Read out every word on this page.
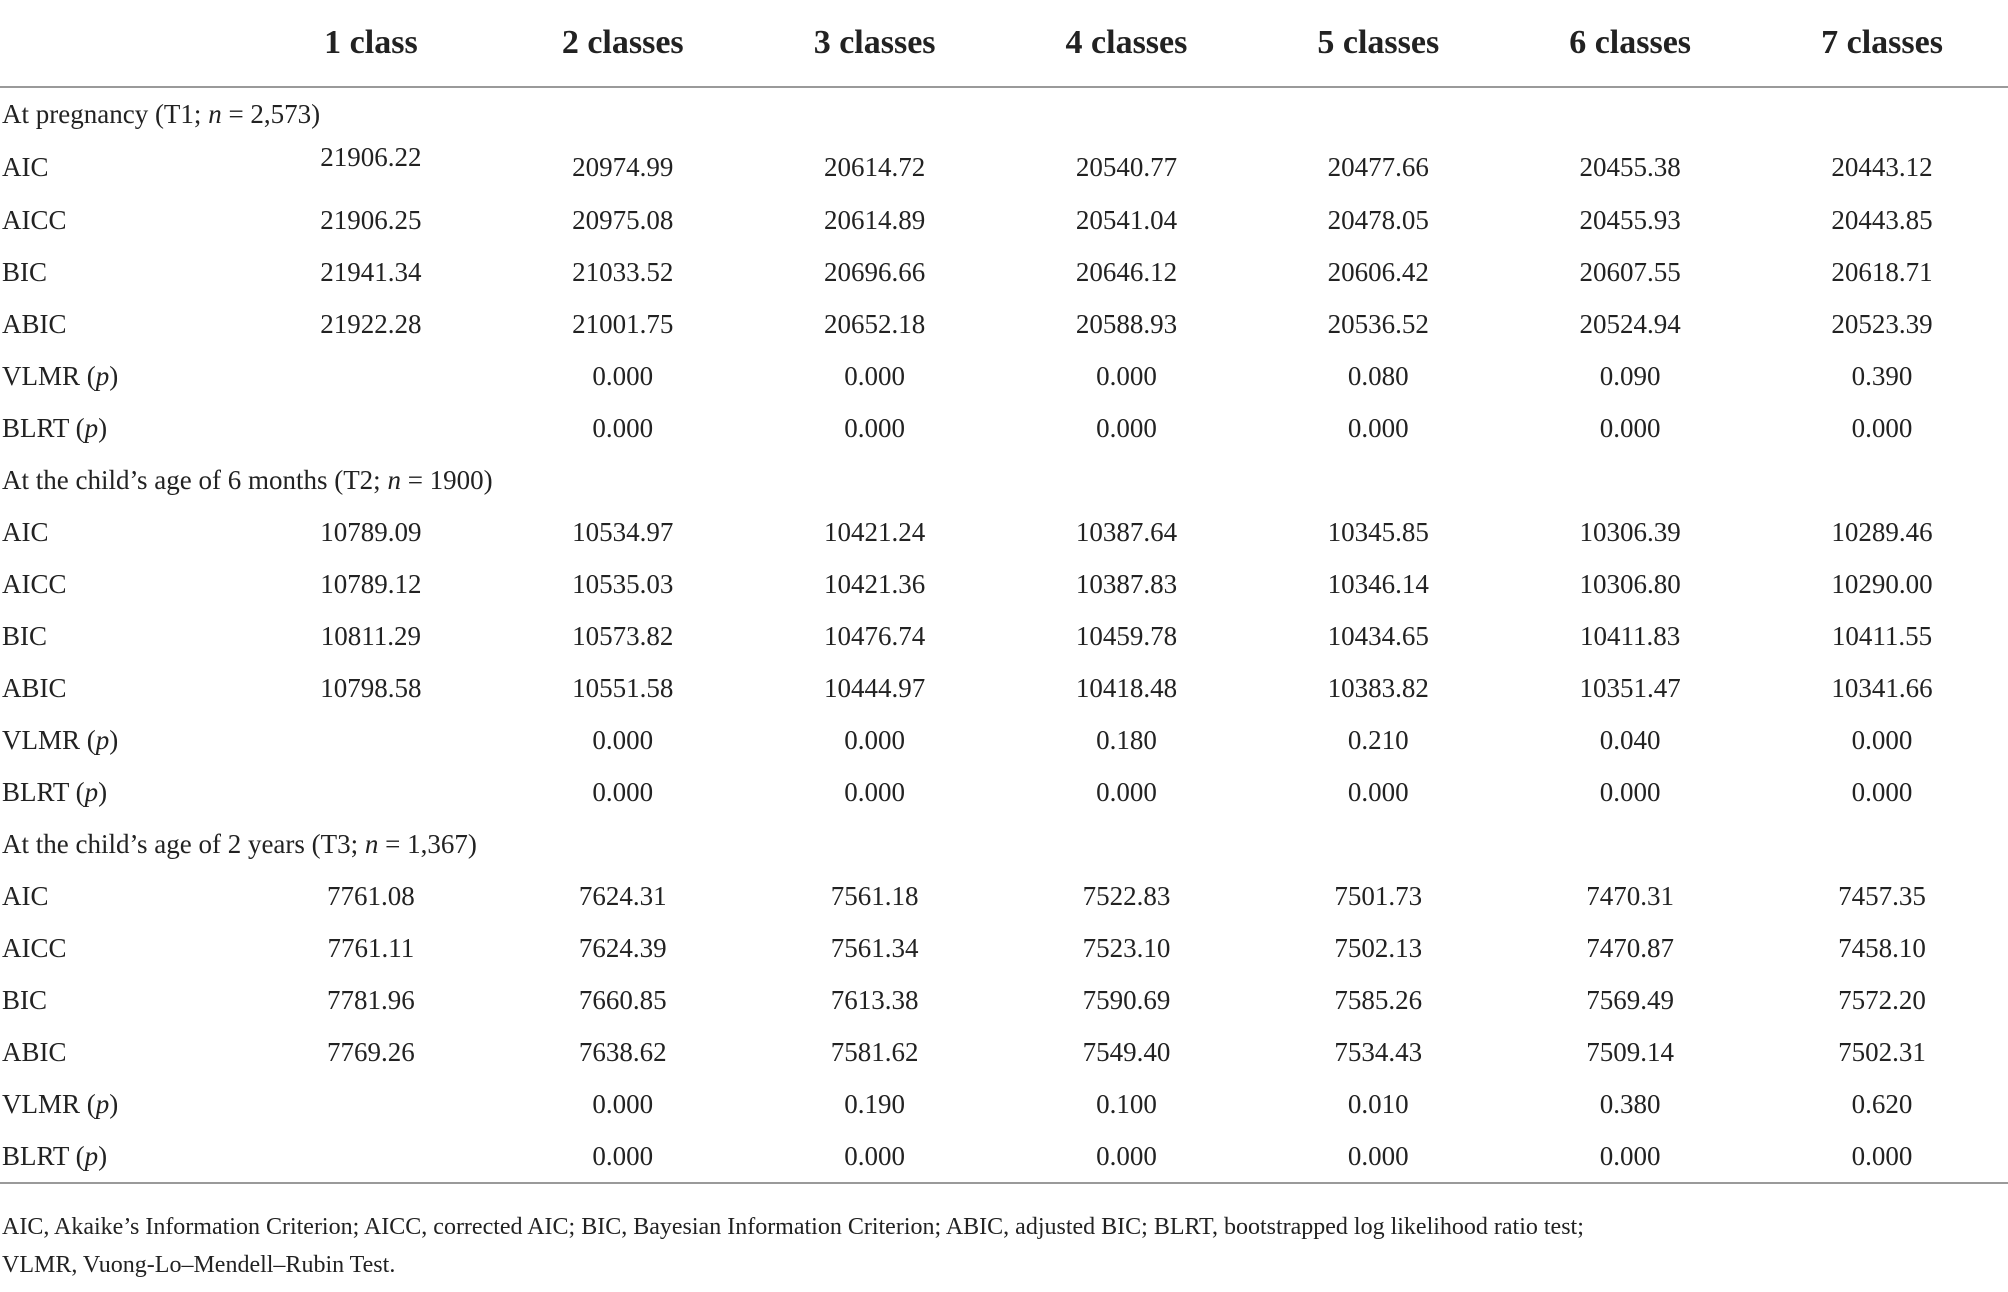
	1 class	2 classes	3 classes	4 classes	5 classes	6 classes	7 classes
At pregnancy (T1; n = 2,573)							
AIC	21906.22	20974.99	20614.72	20540.77	20477.66	20455.38	20443.12
AICC	21906.25	20975.08	20614.89	20541.04	20478.05	20455.93	20443.85
BIC	21941.34	21033.52	20696.66	20646.12	20606.42	20607.55	20618.71
ABIC	21922.28	21001.75	20652.18	20588.93	20536.52	20524.94	20523.39
VLMR (p)		0.000	0.000	0.000	0.080	0.090	0.390
BLRT (p)		0.000	0.000	0.000	0.000	0.000	0.000
At the child’s age of 6 months (T2; n = 1900)							
AIC	10789.09	10534.97	10421.24	10387.64	10345.85	10306.39	10289.46
AICC	10789.12	10535.03	10421.36	10387.83	10346.14	10306.80	10290.00
BIC	10811.29	10573.82	10476.74	10459.78	10434.65	10411.83	10411.55
ABIC	10798.58	10551.58	10444.97	10418.48	10383.82	10351.47	10341.66
VLMR (p)		0.000	0.000	0.180	0.210	0.040	0.000
BLRT (p)		0.000	0.000	0.000	0.000	0.000	0.000
At the child’s age of 2 years (T3; n = 1,367)							
AIC	7761.08	7624.31	7561.18	7522.83	7501.73	7470.31	7457.35
AICC	7761.11	7624.39	7561.34	7523.10	7502.13	7470.87	7458.10
BIC	7781.96	7660.85	7613.38	7590.69	7585.26	7569.49	7572.20
ABIC	7769.26	7638.62	7581.62	7549.40	7534.43	7509.14	7502.31
VLMR (p)		0.000	0.190	0.100	0.010	0.380	0.620
BLRT (p)		0.000	0.000	0.000	0.000	0.000	0.000

AIC, Akaike’s Information Criterion; AICC, corrected AIC; BIC, Bayesian Information Criterion; ABIC, adjusted BIC; BLRT, bootstrapped log likelihood ratio test;

VLMR, Vuong-Lo–Mendell–Rubin Test.
